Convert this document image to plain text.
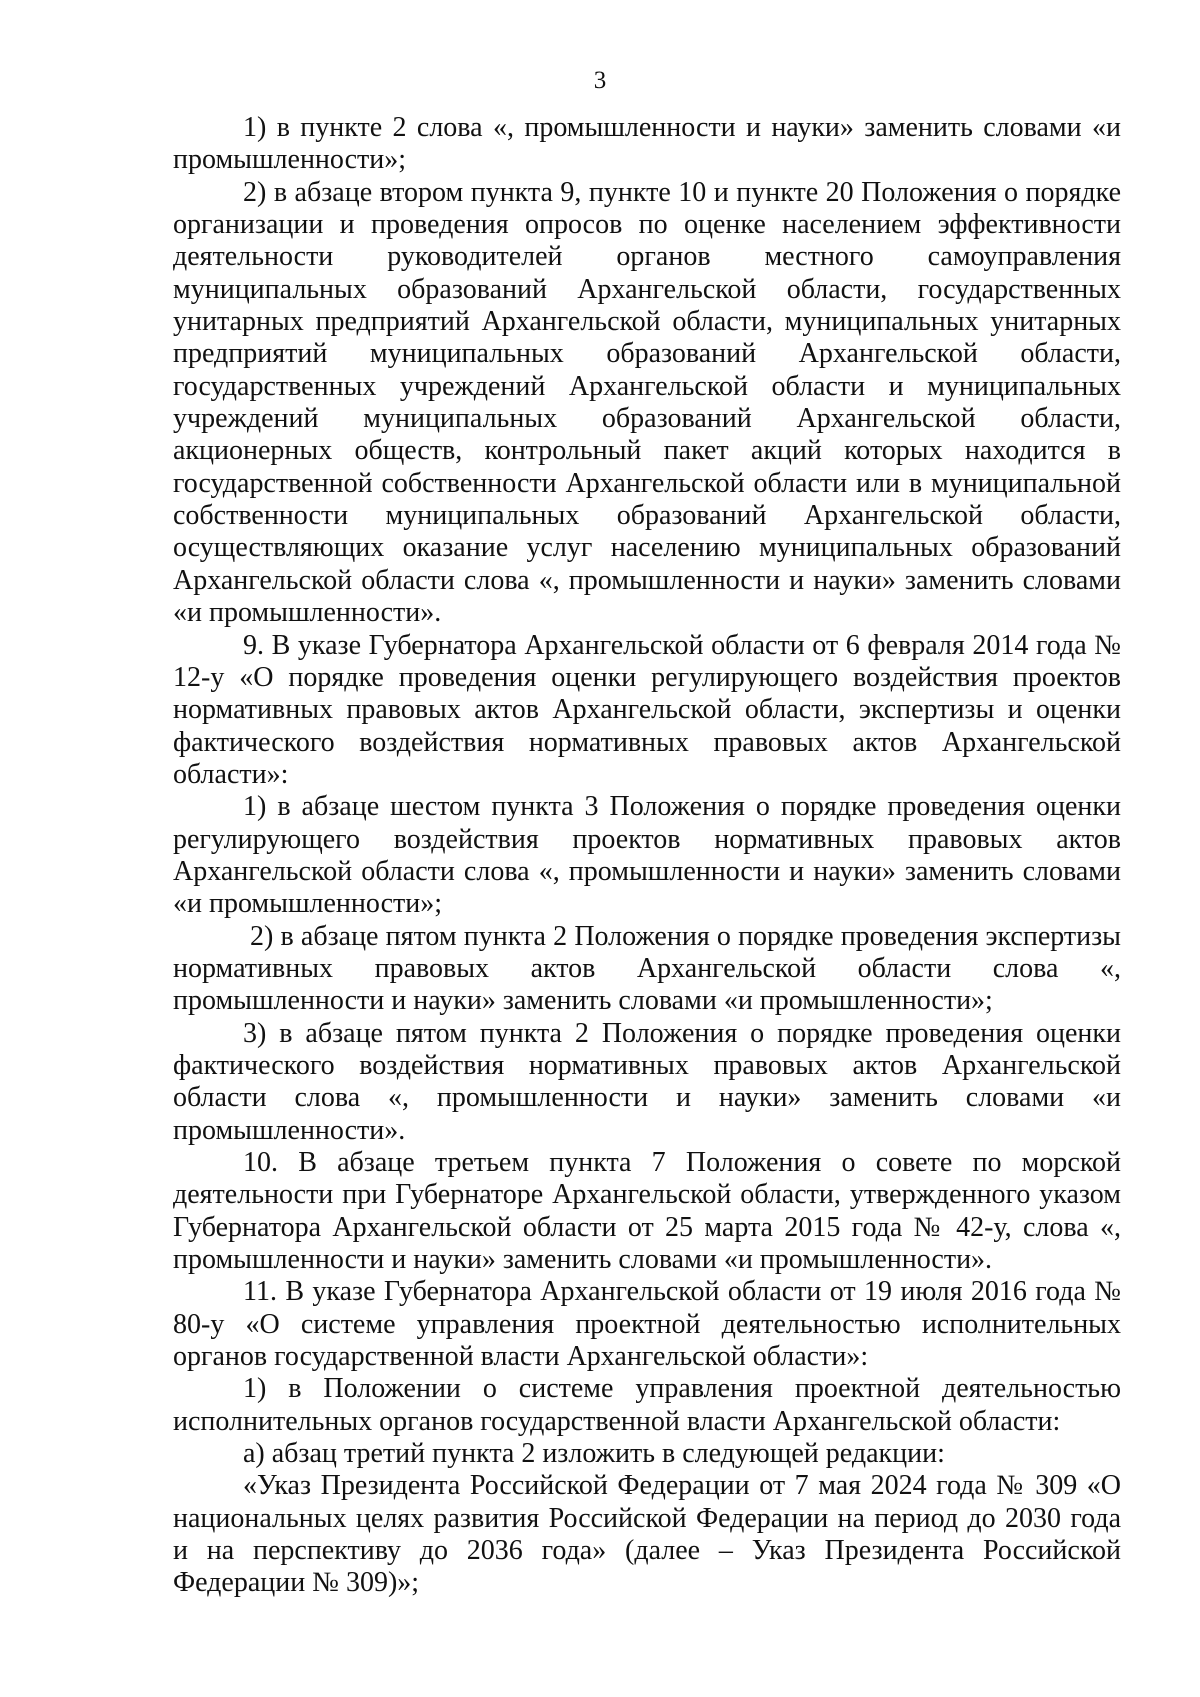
3

1) в пункте 2 слова «, промышленности и науки» заменить словами «и промышленности»;

2) в абзаце втором пункта 9, пункте 10 и пункте 20 Положения о порядке организации и проведения опросов по оценке населением эффективности деятельности руководителей органов местного самоуправления муниципальных образований Архангельской области, государственных унитарных предприятий Архангельской области, муниципальных унитарных предприятий муниципальных образований Архангельской области, государственных учреждений Архангельской области и муниципальных учреждений муниципальных образований Архангельской области, акционерных обществ, контрольный пакет акций которых находится в государственной собственности Архангельской области или в муниципальной собственности муниципальных образований Архангельской области, осуществляющих оказание услуг населению муниципальных образований Архангельской области слова «, промышленности и науки» заменить словами «и промышленности».

9. В указе Губернатора Архангельской области от 6 февраля 2014 года № 12-у «О порядке проведения оценки регулирующего воздействия проектов нормативных правовых актов Архангельской области, экспертизы и оценки фактического воздействия нормативных правовых актов Архангельской области»:

1) в абзаце шестом пункта 3 Положения о порядке проведения оценки регулирующего воздействия проектов нормативных правовых актов Архангельской области слова «, промышленности и науки» заменить словами «и промышленности»;

2) в абзаце пятом пункта 2 Положения о порядке проведения экспертизы нормативных правовых актов Архангельской области слова «, промышленности и науки» заменить словами «и промышленности»;

3) в абзаце пятом пункта 2 Положения о порядке проведения оценки фактического воздействия нормативных правовых актов Архангельской области слова «, промышленности и науки» заменить словами «и промышленности».

10. В абзаце третьем пункта 7 Положения о совете по морской деятельности при Губернаторе Архангельской области, утвержденного указом Губернатора Архангельской области от 25 марта 2015 года № 42-у, слова «, промышленности и науки» заменить словами «и промышленности».

11. В указе Губернатора Архангельской области от 19 июля 2016 года № 80-у «О системе управления проектной деятельностью исполнительных органов государственной власти Архангельской области»:

1) в Положении о системе управления проектной деятельностью исполнительных органов государственной власти Архангельской области:

а) абзац третий пункта 2 изложить в следующей редакции:

«Указ Президента Российской Федерации от 7 мая 2024 года № 309 «О национальных целях развития Российской Федерации на период до 2030 года и на перспективу до 2036 года» (далее – Указ Президента Российской Федерации № 309)»;
